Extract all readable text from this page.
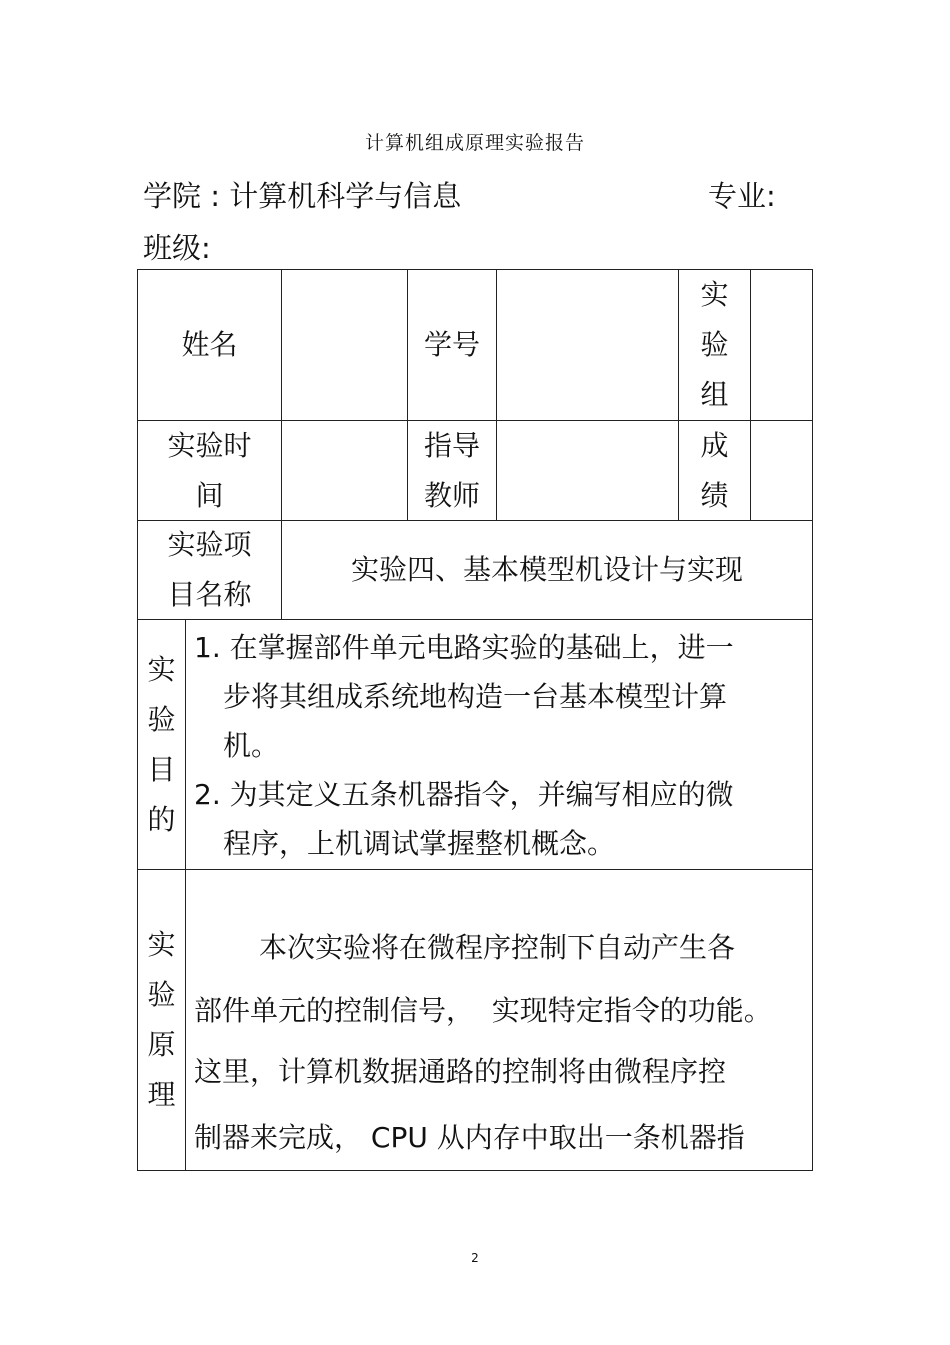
计算机组成原理实验报告
学院 : 计算机科学与信息	专业:
班级:
姓名	学号
实验组
实验时间
指导教师
成绩
实验项目名称
实验四、基本模型机设计与实现
实验目的
1. 在掌握部件单元电路实验的基础上，进一
步将其组成系统地构造一台基本模型计算
机。
2. 为其定义五条机器指令，并编写相应的微
程序，上机调试掌握整机概念。
实验原理
本次实验将在微程序控制下自动产生各
部件单元的控制信号，  实现特定指令的功能。
这里，计算机数据通路的控制将由微程序控
制器来完成， CPU 从内存中取出一条机器指
2
